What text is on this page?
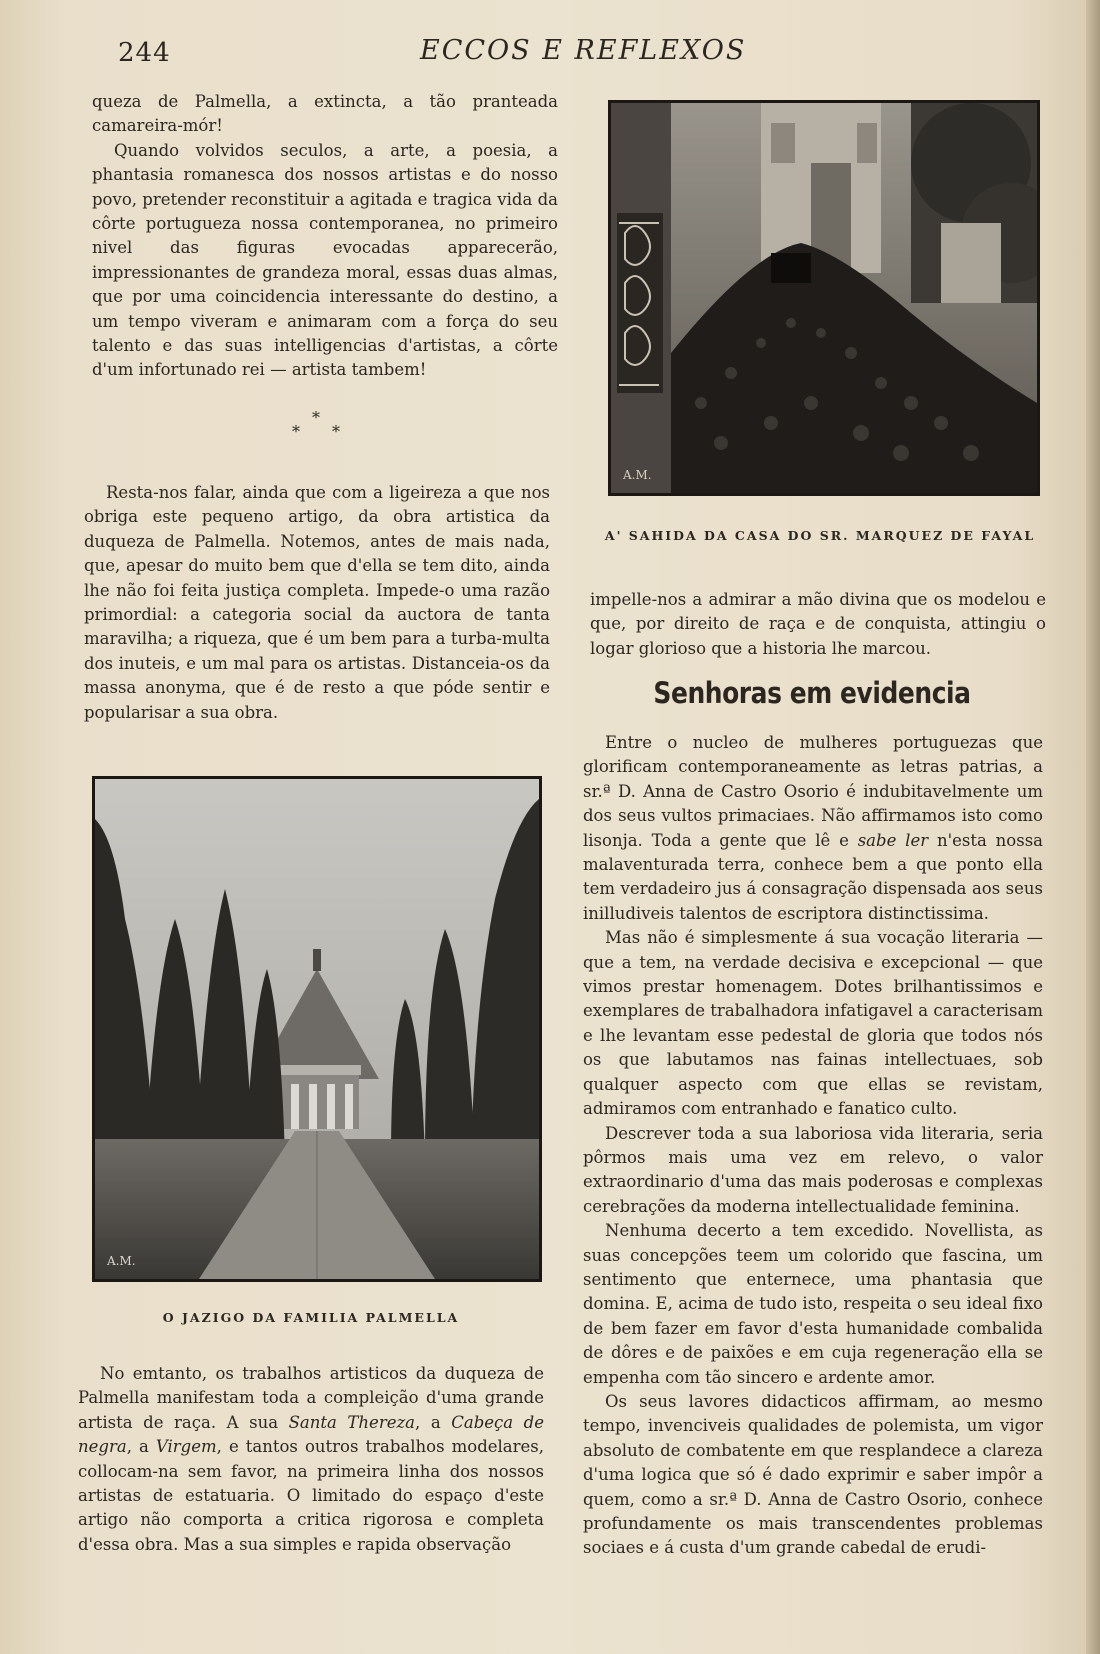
244	ECCOS E REFLEXOS

queza de Palmella, a extincta, a tão pranteada camareira-mór!

Quando volvidos seculos, a arte, a poesia, a phantasia romanesca dos nossos artistas e do nosso povo, pretender reconstituir a agitada e tragica vida da côrte portugueza nossa contemporanea, no primeiro nivel das figuras evocadas apparecerão, impressionantes de grandeza moral, essas duas almas, que por uma coincidencia interessante do destino, a um tempo viveram e animaram com a força do seu talento e das suas intelligencias d'artistas, a côrte d'um infortunado rei — artista tambem!

*
* *

Resta-nos falar, ainda que com a ligeireza a que nos obriga este pequeno artigo, da obra artistica da duqueza de Palmella. Notemos, antes de mais nada, que, apesar do muito bem que d'ella se tem dito, ainda lhe não foi feita justiça completa. Impede-o uma razão primordial: a categoria social da auctora de tanta maravilha; a riqueza, que é um bem para a turba-multa dos inuteis, e um mal para os artistas. Distanceia-os da massa anonyma, que é de resto a que póde sentir e popularisar a sua obra.

A.M.
A' SAHIDA DA CASA DO SR. MARQUEZ DE FAYAL

impelle-nos a admirar a mão divina que os modelou e que, por direito de raça e de conquista, attingiu o logar glorioso que a historia lhe marcou.

Senhoras em evidencia

Entre o nucleo de mulheres portuguezas que glorificam contemporaneamente as letras patrias, a sr.ª D. Anna de Castro Osorio é indubitavelmente um dos seus vultos primaciaes. Não affirmamos isto como lisonja. Toda a gente que lê e sabe ler n'esta nossa malaventurada terra, conhece bem a que ponto ella tem verdadeiro jus á consagração dispensada aos seus inilludiveis talentos de escriptora distinctissima.

Mas não é simplesmente á sua vocação literaria — que a tem, na verdade decisiva e excepcional — que vimos prestar homenagem. Dotes brilhantissimos e exemplares de trabalhadora infatigavel a caracterisam e lhe levantam esse pedestal de gloria que todos nós os que labutamos nas fainas intellectuaes, sob qualquer aspecto com que ellas se revistam, admiramos com entranhado e fanatico culto.

Descrever toda a sua laboriosa vida literaria, seria pôrmos mais uma vez em relevo, o valor extraordinario d'uma das mais poderosas e complexas cerebrações da moderna intellectualidade feminina.

Nenhuma decerto a tem excedido. Novellista, as suas concepções teem um colorido que fascina, um sentimento que enternece, uma phantasia que domina. E, acima de tudo isto, respeita o seu ideal fixo de bem fazer em favor d'esta humanidade combalida de dôres e de paixões e em cuja regeneração ella se empenha com tão sincero e ardente amor.

Os seus lavores didacticos affirmam, ao mesmo tempo, invenciveis qualidades de polemista, um vigor absoluto de combatente em que resplandece a clareza d'uma logica que só é dado exprimir e saber impôr a quem, como a sr.ª D. Anna de Castro Osorio, conhece profundamente os mais transcendentes problemas sociaes e á custa d'um grande cabedal de erudi-

A.M.
O JAZIGO DA FAMILIA PALMELLA

No emtanto, os trabalhos artisticos da duqueza de Palmella manifestam toda a compleição d'uma grande artista de raça. A sua Santa Thereza, a Cabeça de negra, a Virgem, e tantos outros trabalhos modelares, collocam-na sem favor, na primeira linha dos nossos artistas de estatuaria. O limitado do espaço d'este artigo não comporta a critica rigorosa e completa d'essa obra. Mas a sua simples e rapida observação
